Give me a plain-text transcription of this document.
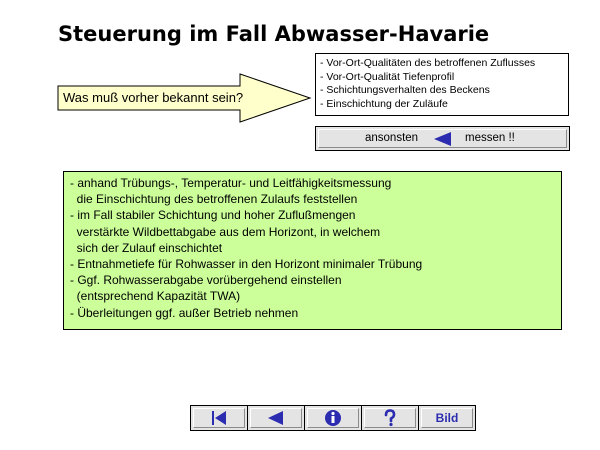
Steuerung im Fall Abwasser-Havarie
Was muß vorher bekannt sein?
- Vor-Ort-Qualitäten des betroffenen Zuflusses
- Vor-Ort-Qualität Tiefenprofil
- Schichtungsverhalten des Beckens
- Einschichtung der Zuläufe
ansonsten	messen !!
- anhand Trübungs-, Temperatur- und Leitfähigkeitsmessung
die Einschichtung des betroffenen Zulaufs feststellen
- im Fall stabiler Schichtung und hoher Zuflußmengen
verstärkte Wildbettabgabe aus dem Horizont, in welchem
sich der Zulauf einschichtet
- Entnahmetiefe für Rohwasser in den Horizont minimaler Trübung
- Ggf. Rohwasserabgabe vorübergehend einstellen
(entsprechend Kapazität TWA)
- Überleitungen ggf. außer Betrieb nehmen
Bild
